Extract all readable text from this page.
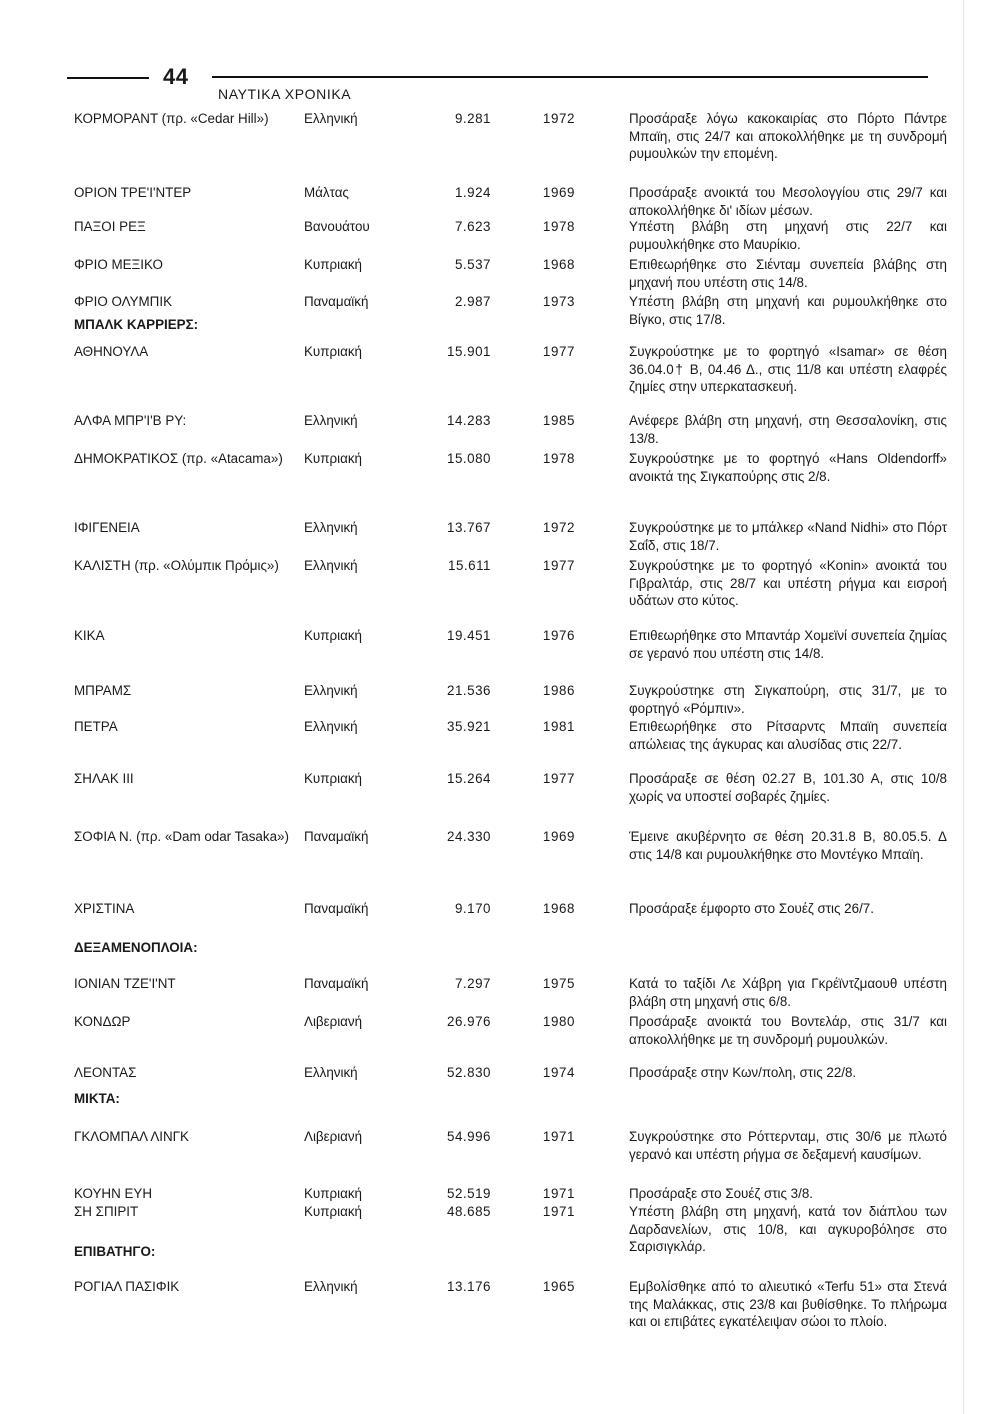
44
ΝΑΥΤΙΚΑ ΧΡΟΝΙΚΑ
ΚΟΡΜΟΡΑΝΤ (πρ. «Cedar Hill»)	Ελληνική	9.281	1972	Προσάραξε λόγω κακοκαιρίας στο Πόρτο Πάντρε Μπαϊη, στις 24/7 και αποκολλήθηκε με τη συνδρομή ρυμουλκών την επομένη.
ΟΡΙΟΝ ΤΡΕ'Ι'ΝΤΕΡ	Μάλτας	1.924	1969	Προσάραξε ανοικτά του Μεσολογγίου στις 29/7 και αποκολλήθηκε δι' ιδίων μέσων.
ΠΑΞΟΙ ΡΕΞ	Βανουάτου	7.623	1978	Υπέστη βλάβη στη μηχανή στις 22/7 και ρυμουλκήθηκε στο Μαυρίκιο.
ΦΡΙΟ ΜΕΞΙΚΟ	Κυπριακή	5.537	1968	Επιθεωρήθηκε στο Σιένταμ συνεπεία βλάβης στη μηχανή που υπέστη στις 14/8.
ΦΡΙΟ ΟΛΥΜΠΙΚ	Παναμαϊκή	2.987	1973	Υπέστη βλάβη στη μηχανή και ρυμουλκήθηκε στο Βίγκο, στις 17/8.
ΜΠΑΛΚ ΚΑΡΡΙΕΡΣ:
ΑΘΗΝΟΥΛΑ	Κυπριακή	15.901	1977	Συγκρούστηκε με το φορτηγό «Isamar» σε θέση 36.04.0† Β, 04.46 Δ., στις 11/8 και υπέστη ελαφρές ζημίες στην υπερκατασκευή.
ΑΛΦΑ ΜΠΡ'Ι'Β ΡΥ:	Ελληνική	14.283	1985	Ανέφερε βλάβη στη μηχανή, στη Θεσσαλονίκη, στις 13/8.
ΔΗΜΟΚΡΑΤΙΚΟΣ (πρ. «Atacama»)	Κυπριακή	15.080	1978	Συγκρούστηκε με το φορτηγό «Hans Oldendorff» ανοικτά της Σιγκαπούρης στις 2/8.
ΙΦΙΓΕΝΕΙΑ	Ελληνική	13.767	1972	Συγκρούστηκε με το μπάλκερ «Nand Nidhi» στο Πόρτ Σαΐδ, στις 18/7.
ΚΑΛΙΣΤΗ (πρ. «Ολύμπικ Πρόμις»)	Ελληνική	15.611	1977	Συγκρούστηκε με το φορτηγό «Konin» ανοικτά του Γιβραλτάρ, στις 28/7 και υπέστη ρήγμα και εισροή υδάτων στο κύτος.
ΚΙΚΑ	Κυπριακή	19.451	1976	Επιθεωρήθηκε στο Μπαντάρ Χομεϊνί συνεπεία ζημίας σε γερανό που υπέστη στις 14/8.
ΜΠΡΑΜΣ	Ελληνική	21.536	1986	Συγκρούστηκε στη Σιγκαπούρη, στις 31/7, με το φορτηγό «Ρόμπιν».
ΠΕΤΡΑ	Ελληνική	35.921	1981	Επιθεωρήθηκε στο Ρίτσαρντς Μπαϊη συνεπεία απώλειας της άγκυρας και αλυσίδας στις 22/7.
ΣΗΛΑΚ ΙΙΙ	Κυπριακή	15.264	1977	Προσάραξε σε θέση 02.27 Β, 101.30 Α, στις 10/8 χωρίς να υποστεί σοβαρές ζημίες.
ΣΟΦΙΑ Ν. (πρ. «Dam odar Tasaka»)	Παναμαϊκή	24.330	1969	Έμεινε ακυβέρνητο σε θέση 20.31.8 Β, 80.05.5. Δ στις 14/8 και ρυμουλκήθηκε στο Μοντέγκο Μπαϊη.
ΧΡΙΣΤΙΝΑ	Παναμαϊκή	9.170	1968	Προσάραξε έμφορτο στο Σουέζ στις 26/7.
ΔΕΞΑΜΕΝΟΠΛΟΙΑ:
ΙΟΝΙΑΝ ΤΖΕ'Ι'ΝΤ	Παναμαϊκή	7.297	1975	Κατά το ταξίδι Λε Χάβρη για Γκρέϊντζμαουθ υπέστη βλάβη στη μηχανή στις 6/8.
ΚΟΝΔΩΡ	Λιβεριανή	26.976	1980	Προσάραξε ανοικτά του Βοντελάρ, στις 31/7 και αποκολλήθηκε με τη συνδρομή ρυμουλκών.
ΛΕΟΝΤΑΣ	Ελληνική	52.830	1974	Προσάραξε στην Κων/πολη, στις 22/8.
ΜΙΚΤΑ:
ΓΚΛΟΜΠΑΛ ΛΙΝΓΚ	Λιβεριανή	54.996	1971	Συγκρούστηκε στο Ρόττερνταμ, στις 30/6 με πλωτό γερανό και υπέστη ρήγμα σε δεξαμενή καυσίμων.
ΚΟΥΗΝ ΕΥΗ	Κυπριακή	52.519	1971	Προσάραξε στο Σουέζ στις 3/8.
ΣΗ ΣΠΙΡΙΤ	Κυπριακή	48.685	1971	Υπέστη βλάβη στη μηχανή, κατά τον διάπλου των Δαρδανελίων, στις 10/8, και αγκυροβόλησε στο Σαρισιγκλάρ.
ΕΠΙΒΑΤΗΓΟ:
ΡΟΓΙΑΛ ΠΑΣΙΦΙΚ	Ελληνική	13.176	1965	Εμβολίσθηκε από το αλιευτικό «Terfu 51» στα Στενά της Μαλάκκας, στις 23/8 και βυθίσθηκε. Το πλήρωμα και οι επιβάτες εγκατέλειψαν σώοι το πλοίο.
